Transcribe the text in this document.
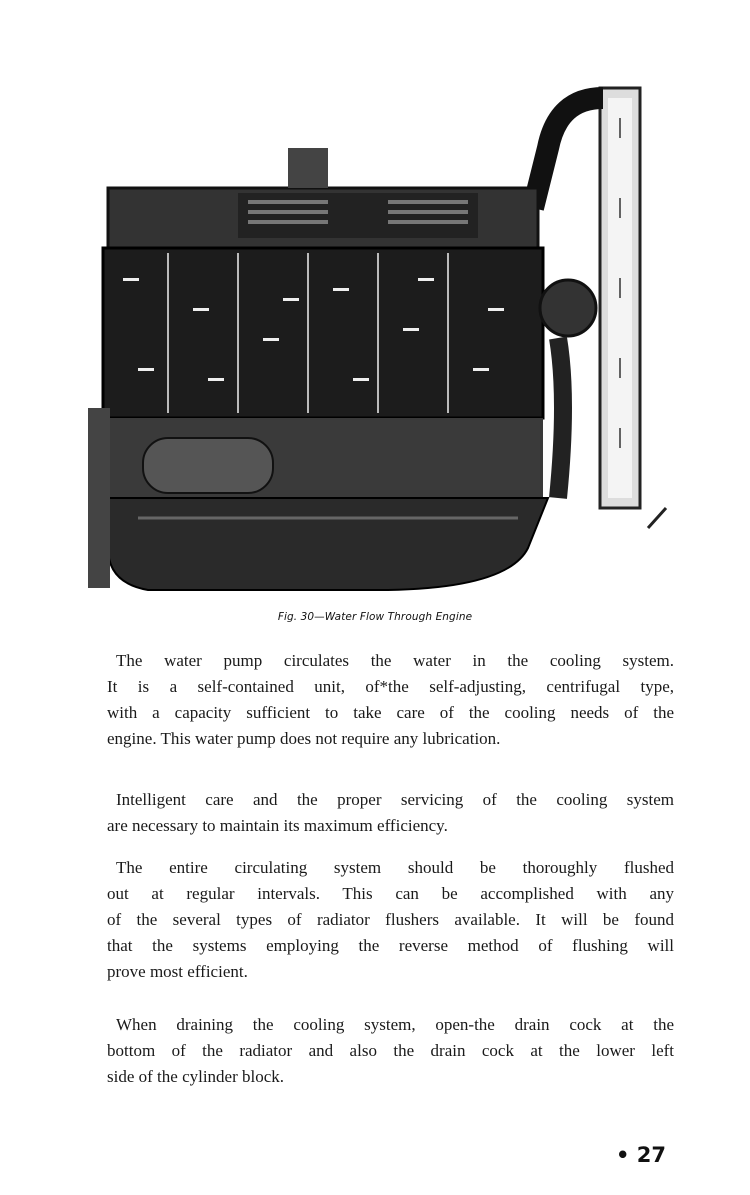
Fig. 30—Water Flow Through Engine
The water pump circulates the water in the cooling system.
It is a self-contained unit, of*the self-adjusting, centrifugal type,
with a capacity sufficient to take care of the cooling needs of the
engine. This water pump does not require any lubrication.
Intelligent care and the proper servicing of the cooling system
are necessary to maintain its maximum efficiency.
The entire circulating system should be thoroughly flushed
out at regular intervals. This can be accomplished with any
of the several types of radiator flushers available. It will be found
that the systems employing the reverse method of flushing will
prove most efficient.
When draining the cooling system, open-the drain cock at the
bottom of the radiator and also the drain cock at the lower left
side of the cylinder block.
• 27
